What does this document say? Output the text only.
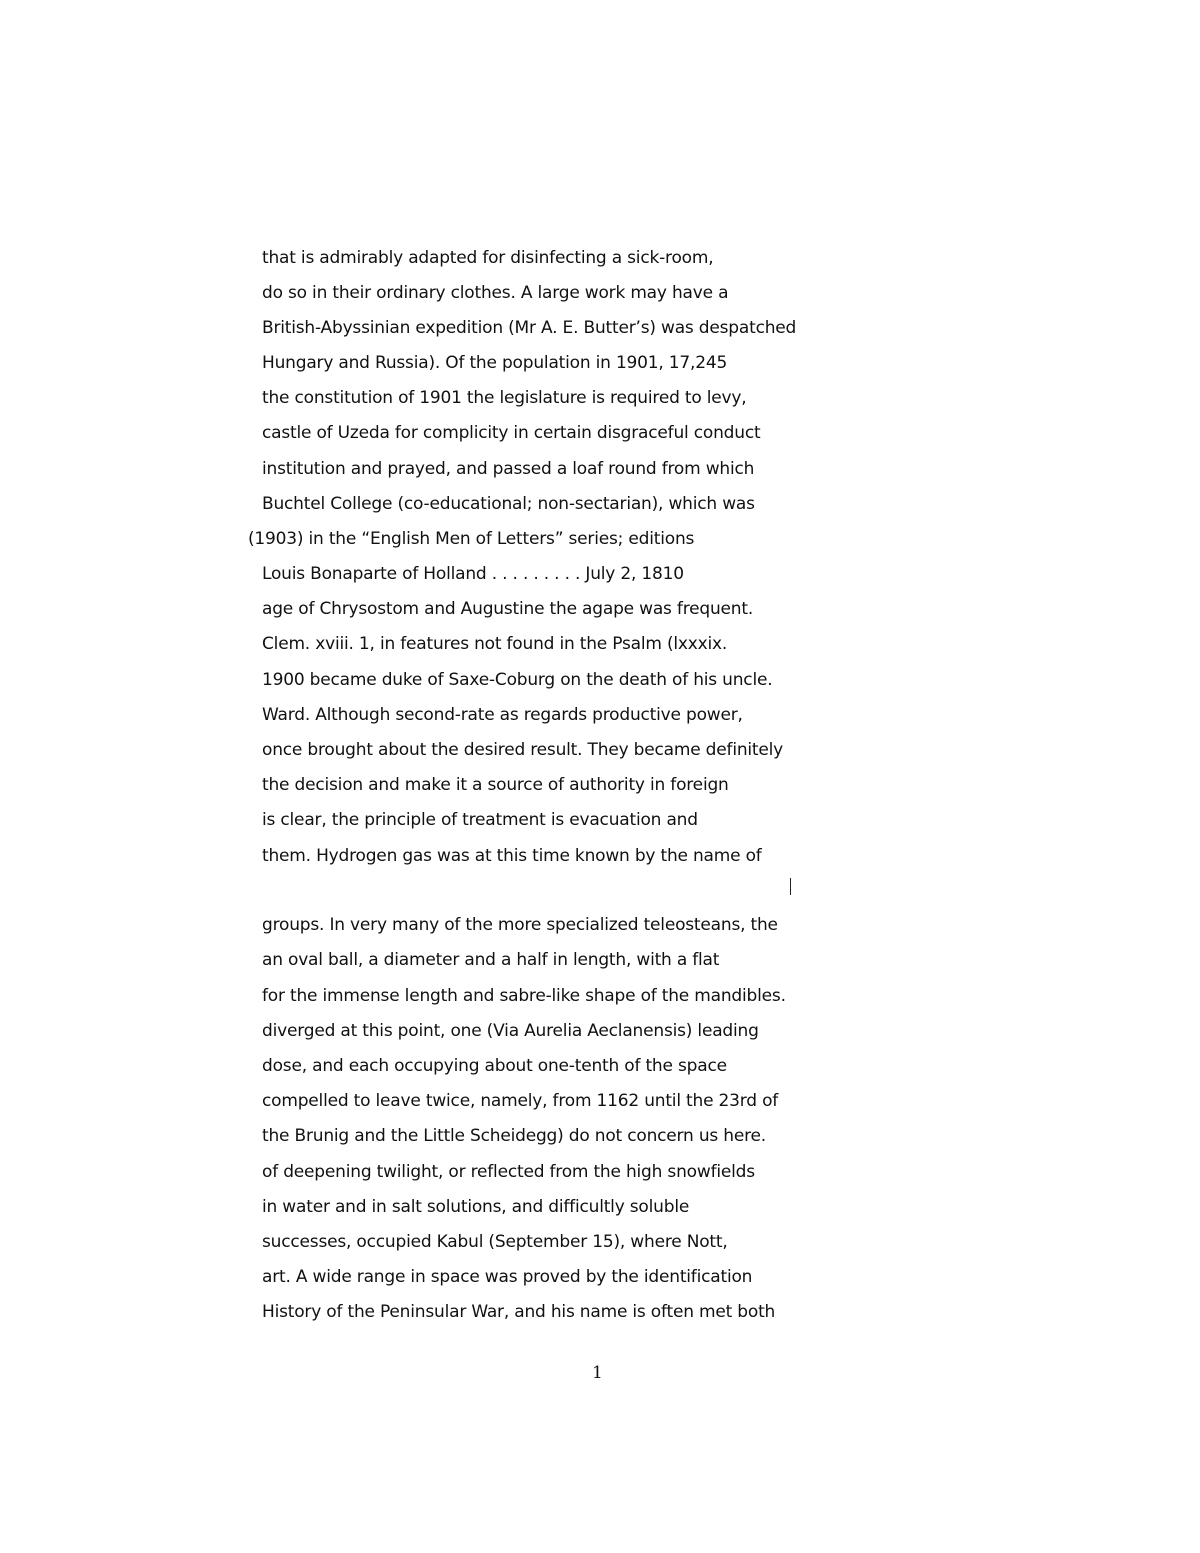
that is admirably adapted for disinfecting a sick-room,
do so in their ordinary clothes. A large work may have a
British-Abyssinian expedition (Mr A. E. Butter’s) was despatched
Hungary and Russia). Of the population in 1901, 17,245
the constitution of 1901 the legislature is required to levy,
castle of Uzeda for complicity in certain disgraceful conduct
institution and prayed, and passed a loaf round from which
Buchtel College (co-educational; non-sectarian), which was
(1903) in the “English Men of Letters” series; editions
Louis Bonaparte of Holland . . . . . . . . . July 2, 1810
age of Chrysostom and Augustine the agape was frequent.
Clem. xviii. 1, in features not found in the Psalm (lxxxix.
1900 became duke of Saxe-Coburg on the death of his uncle.
Ward. Although second-rate as regards productive power,
once brought about the desired result. They became definitely
the decision and make it a source of authority in foreign
is clear, the principle of treatment is evacuation and
them. Hydrogen gas was at this time known by the name of
groups. In very many of the more specialized teleosteans, the
an oval ball, a diameter and a half in length, with a flat
for the immense length and sabre-like shape of the mandibles.
diverged at this point, one (Via Aurelia Aeclanensis) leading
dose, and each occupying about one-tenth of the space
compelled to leave twice, namely, from 1162 until the 23rd of
the Brunig and the Little Scheidegg) do not concern us here.
of deepening twilight, or reflected from the high snowfields
in water and in salt solutions, and difficultly soluble
successes, occupied Kabul (September 15), where Nott,
art. A wide range in space was proved by the identification
History of the Peninsular War, and his name is often met both
1
